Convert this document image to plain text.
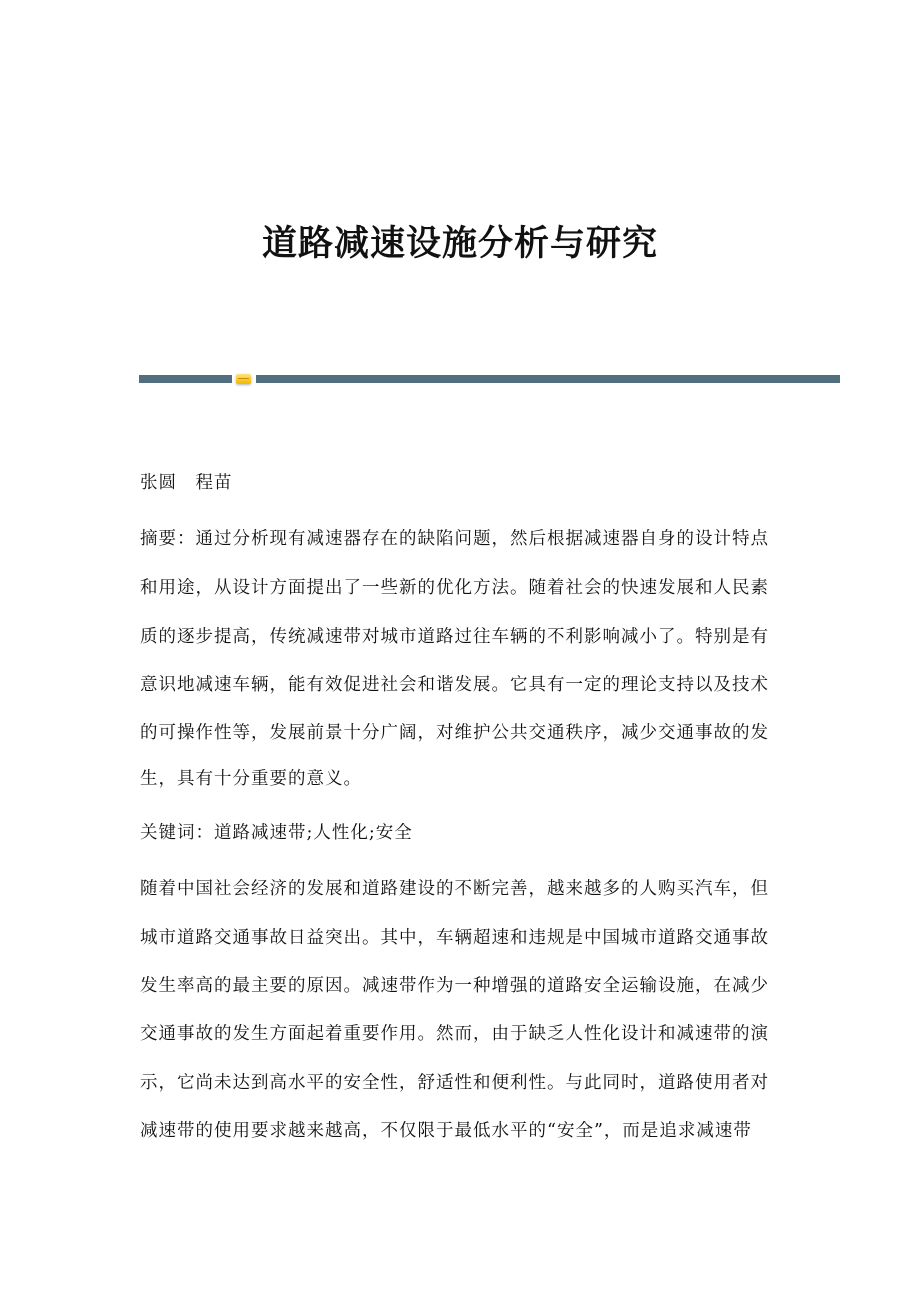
道路减速设施分析与研究
张圆　程苗
摘要：通过分析现有减速器存在的缺陷问题，然后根据减速器自身的设计特点
和用途，从设计方面提出了一些新的优化方法。随着社会的快速发展和人民素
质的逐步提高，传统减速带对城市道路过往车辆的不利影响减小了。特别是有
意识地减速车辆，能有效促进社会和谐发展。它具有一定的理论支持以及技术
的可操作性等，发展前景十分广阔，对维护公共交通秩序，减少交通事故的发
生，具有十分重要的意义。
关键词：道路减速带;人性化;安全
随着中国社会经济的发展和道路建设的不断完善，越来越多的人购买汽车，但
城市道路交通事故日益突出。其中，车辆超速和违规是中国城市道路交通事故
发生率高的最主要的原因。减速带作为一种增强的道路安全运输设施，在减少
交通事故的发生方面起着重要作用。然而，由于缺乏人性化设计和减速带的演
示，它尚未达到高水平的安全性，舒适性和便利性。与此同时，道路使用者对
减速带的使用要求越来越高，不仅限于最低水平的“安全”，而是追求减速带
